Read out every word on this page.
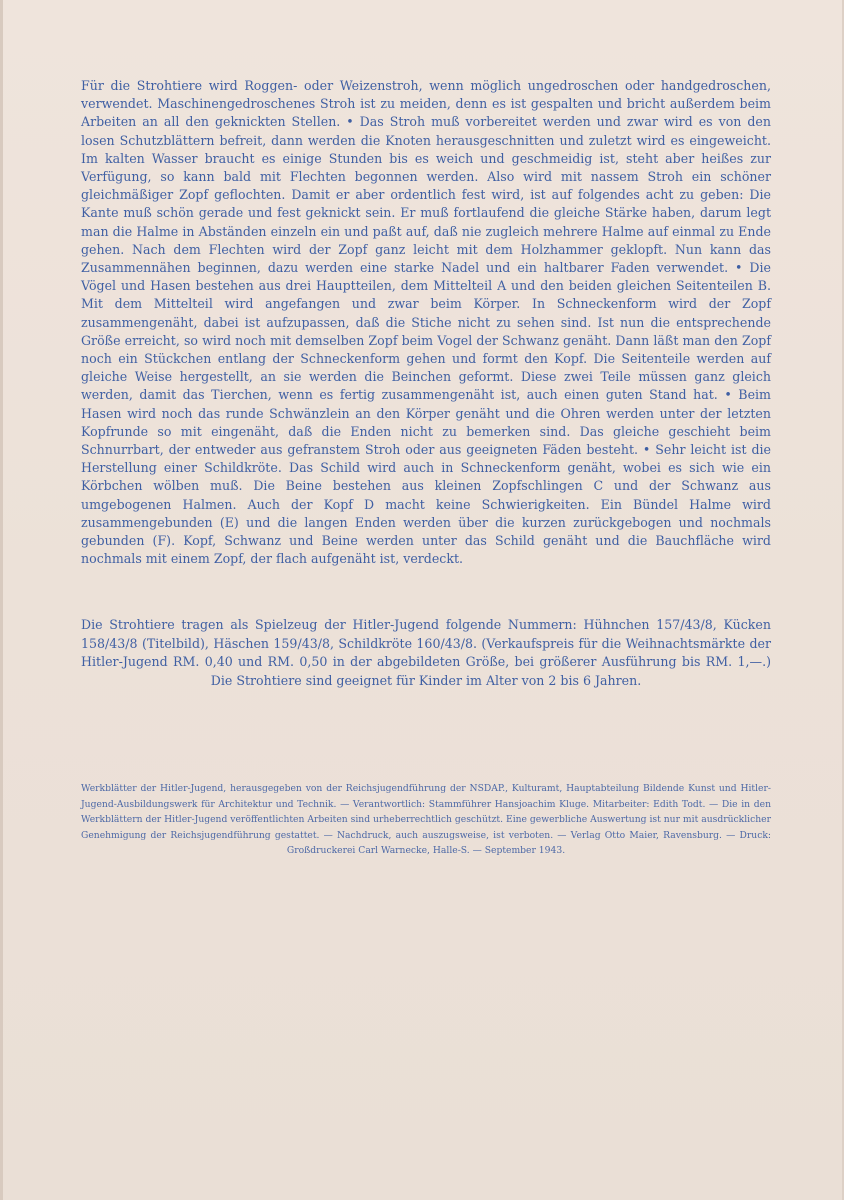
Für die Strohtiere wird Roggen- oder Weizenstroh, wenn möglich ungedroschen oder handgedroschen, verwendet. Maschinengedroschenes Stroh ist zu meiden, denn es ist gespalten und bricht außerdem beim Arbeiten an all den geknickten Stellen. • Das Stroh muß vorbereitet werden und zwar wird es von den losen Schutzblättern befreit, dann werden die Knoten herausgeschnitten und zuletzt wird es eingeweicht. Im kalten Wasser braucht es einige Stunden bis es weich und geschmeidig ist, steht aber heißes zur Verfügung, so kann bald mit Flechten begonnen werden. Also wird mit nassem Stroh ein schöner gleichmäßiger Zopf geflochten. Damit er aber ordentlich fest wird, ist auf folgendes acht zu geben: Die Kante muß schön gerade und fest geknickt sein. Er muß fortlaufend die gleiche Stärke haben, darum legt man die Halme in Abständen einzeln ein und paßt auf, daß nie zugleich mehrere Halme auf einmal zu Ende gehen. Nach dem Flechten wird der Zopf ganz leicht mit dem Holzhammer geklopft. Nun kann das Zusammennähen beginnen, dazu werden eine starke Nadel und ein haltbarer Faden verwendet. • Die Vögel und Hasen bestehen aus drei Hauptteilen, dem Mittelteil A und den beiden gleichen Seitenteilen B. Mit dem Mittelteil wird angefangen und zwar beim Körper. In Schneckenform wird der Zopf zusammengenäht, dabei ist aufzupassen, daß die Stiche nicht zu sehen sind. Ist nun die entsprechende Größe erreicht, so wird noch mit demselben Zopf beim Vogel der Schwanz genäht. Dann läßt man den Zopf noch ein Stückchen entlang der Schneckenform gehen und formt den Kopf. Die Seitenteile werden auf gleiche Weise hergestellt, an sie werden die Beinchen geformt. Diese zwei Teile müssen ganz gleich werden, damit das Tierchen, wenn es fertig zusammengenäht ist, auch einen guten Stand hat. • Beim Hasen wird noch das runde Schwänzlein an den Körper genäht und die Ohren werden unter der letzten Kopfrunde so mit eingenäht, daß die Enden nicht zu bemerken sind. Das gleiche geschieht beim Schnurrbart, der entweder aus gefranstem Stroh oder aus geeigneten Fäden besteht. • Sehr leicht ist die Herstellung einer Schildkröte. Das Schild wird auch in Schneckenform genäht, wobei es sich wie ein Körbchen wölben muß. Die Beine bestehen aus kleinen Zopfschlingen C und der Schwanz aus umgebogenen Halmen. Auch der Kopf D macht keine Schwierigkeiten. Ein Bündel Halme wird zusammengebunden (E) und die langen Enden werden über die kurzen zurückgebogen und nochmals gebunden (F). Kopf, Schwanz und Beine werden unter das Schild genäht und die Bauchfläche wird nochmals mit einem Zopf, der flach aufgenäht ist, verdeckt.

Die Strohtiere tragen als Spielzeug der Hitler-Jugend folgende Nummern: Hühnchen 157/43/8, Kücken 158/43/8 (Titelbild), Häschen 159/43/8, Schildkröte 160/43/8. (Verkaufspreis für die Weihnachtsmärkte der Hitler-Jugend RM. 0,40 und RM. 0,50 in der abgebildeten Größe, bei größerer Ausführung bis RM. 1,—.) Die Strohtiere sind geeignet für Kinder im Alter von 2 bis 6 Jahren.

Werkblätter der Hitler-Jugend, herausgegeben von der Reichsjugendführung der NSDAP., Kulturamt, Hauptabteilung Bildende Kunst und Hitler-Jugend-Ausbildungswerk für Architektur und Technik. — Verantwortlich: Stammführer Hansjoachim Kluge. Mitarbeiter: Edith Todt. — Die in den Werkblättern der Hitler-Jugend veröffentlichten Arbeiten sind urheberrechtlich geschützt. Eine gewerbliche Auswertung ist nur mit ausdrücklicher Genehmigung der Reichsjugendführung gestattet. — Nachdruck, auch auszugsweise, ist verboten. — Verlag Otto Maier, Ravensburg. — Druck: Großdruckerei Carl Warnecke, Halle-S. — September 1943.
